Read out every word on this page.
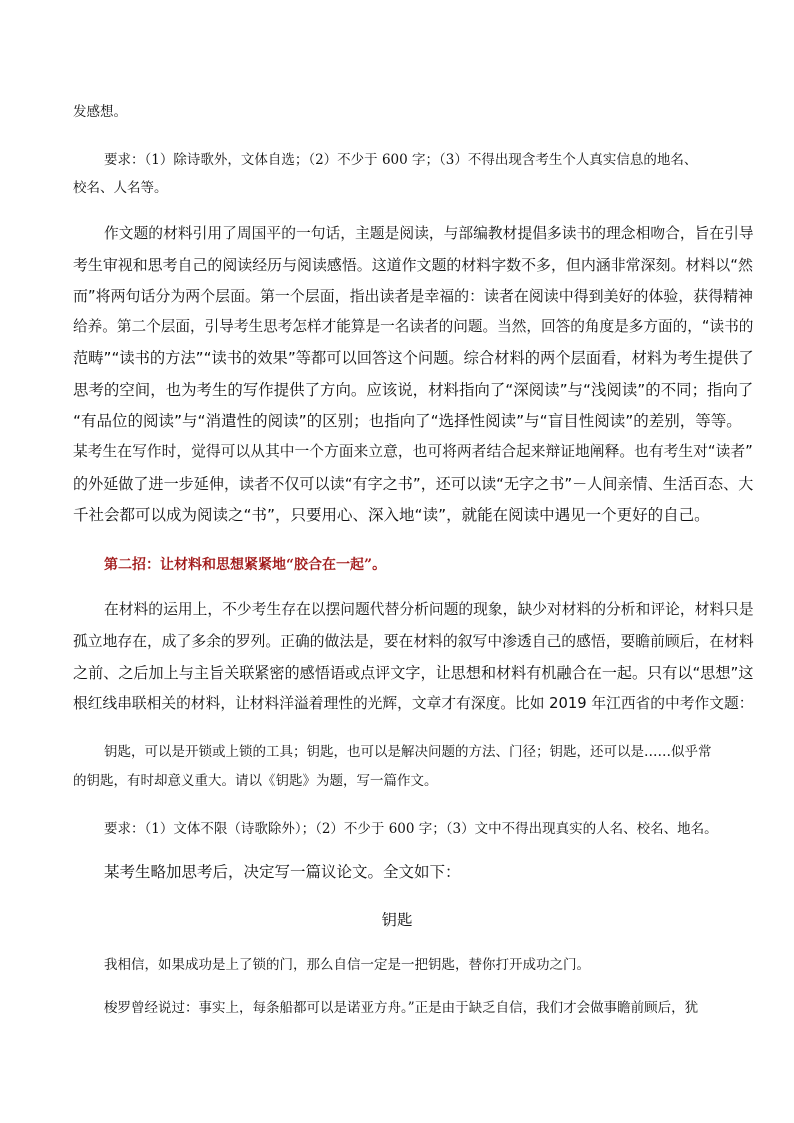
发感想。
要求：（1）除诗歌外，文体自选；（2）不少于 600 字；（3）不得出现含考生个人真实信息的地名、
校名、人名等。
作文题的材料引用了周国平的一句话，主题是阅读，与部编教材提倡多读书的理念相吻合，旨在引导
考生审视和思考自己的阅读经历与阅读感悟。这道作文题的材料字数不多，但内涵非常深刻。材料以“然
而”将两句话分为两个层面。第一个层面，指出读者是幸福的：读者在阅读中得到美好的体验，获得精神
给养。第二个层面，引导考生思考怎样才能算是一名读者的问题。当然，回答的角度是多方面的，“读书的
范畴”“读书的方法”“读书的效果”等都可以回答这个问题。综合材料的两个层面看，材料为考生提供了
思考的空间，也为考生的写作提供了方向。应该说，材料指向了“深阅读”与“浅阅读”的不同；指向了
“有品位的阅读”与“消遣性的阅读”的区别；也指向了“选择性阅读”与“盲目性阅读”的差别，等等。
某考生在写作时，觉得可以从其中一个方面来立意，也可将两者结合起来辩证地阐释。也有考生对“读者”
的外延做了进一步延伸，读者不仅可以读“有字之书”，还可以读“无字之书”－人间亲情、生活百态、大
千社会都可以成为阅读之“书”，只要用心、深入地“读”，就能在阅读中遇见一个更好的自己。
第二招：让材料和思想紧紧地“胶合在一起”。
在材料的运用上，不少考生存在以摆问题代替分析问题的现象，缺少对材料的分析和评论，材料只是
孤立地存在，成了多余的罗列。正确的做法是，要在材料的叙写中渗透自己的感悟，要瞻前顾后，在材料
之前、之后加上与主旨关联紧密的感悟语或点评文字，让思想和材料有机融合在一起。只有以“思想”这
根红线串联相关的材料，让材料洋溢着理性的光辉，文章才有深度。比如 2019 年江西省的中考作文题：
钥匙，可以是开锁或上锁的工具；钥匙，也可以是解决问题的方法、门径；钥匙，还可以是……似乎常
的钥匙，有时却意义重大。请以《钥匙》为题，写一篇作文。
要求：（1）文体不限（诗歌除外）；（2）不少于 600 字；（3）文中不得出现真实的人名、校名、地名。
某考生略加思考后，决定写一篇议论文。全文如下：
钥匙
我相信，如果成功是上了锁的门，那么自信一定是一把钥匙，替你打开成功之门。
梭罗曾经说过：事实上，每条船都可以是诺亚方舟。”正是由于缺乏自信，我们才会做事瞻前顾后，犹
